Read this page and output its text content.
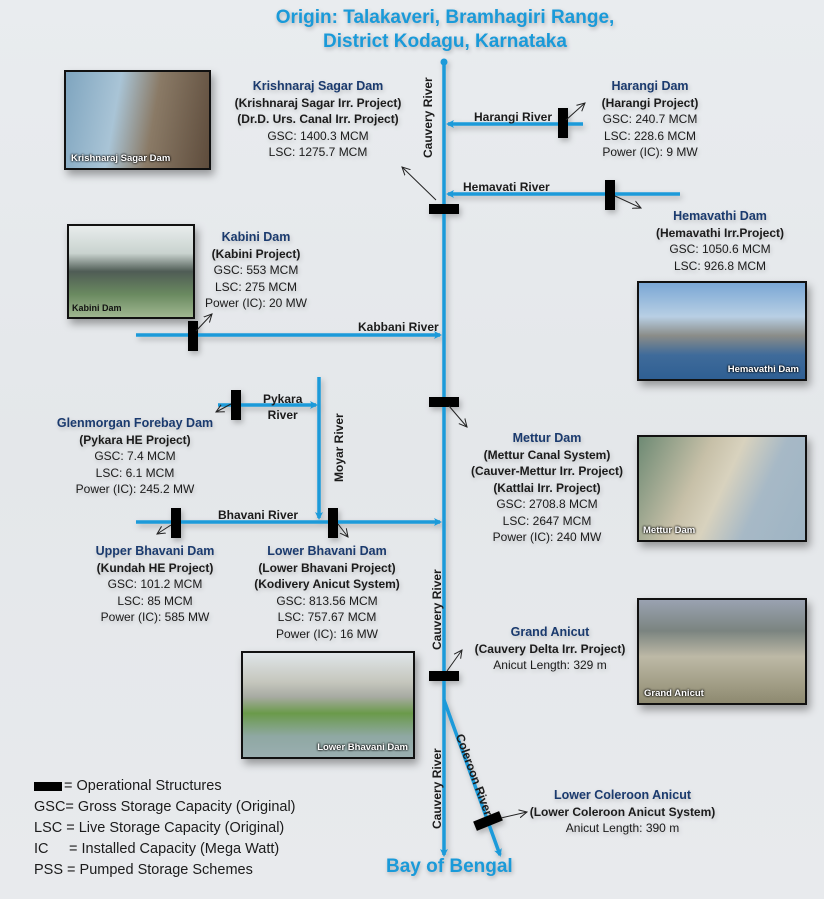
Origin: Talakaveri, Bramhagiri Range,
District Kodagu, Karnataka
Bay of Bengal
Cauvery River
Cauvery River
Cauvery River
Moyar River
Coleroon River
Harangi River
Hemavati River
Kabbani River
Pykara
River
Bhavani River
Krishnaraj Sagar Dam
Kabini Dam
Hemavathi Dam
Mettur Dam
Grand Anicut
Lower Bhavani Dam
Krishnaraj Sagar Dam
(Krishnaraj Sagar Irr. Project)
(Dr.D. Urs. Canal Irr. Project)
GSC: 1400.3 MCM
LSC: 1275.7 MCM
Harangi Dam
(Harangi Project)
GSC: 240.7 MCM
LSC: 228.6 MCM
Power (IC): 9 MW
Hemavathi Dam
(Hemavathi Irr.Project)
GSC: 1050.6 MCM
LSC: 926.8 MCM
Kabini Dam
(Kabini Project)
GSC: 553 MCM
LSC: 275 MCM
Power (IC): 20 MW
Glenmorgan Forebay Dam
(Pykara HE Project)
GSC: 7.4 MCM
LSC: 6.1 MCM
Power (IC): 245.2 MW
Mettur Dam
(Mettur Canal System)
(Cauver-Mettur Irr. Project)
(Kattlai Irr. Project)
GSC: 2708.8 MCM
LSC: 2647 MCM
Power (IC): 240 MW
Upper Bhavani Dam
(Kundah HE Project)
GSC: 101.2 MCM
LSC: 85 MCM
Power (IC): 585 MW
Lower Bhavani Dam
(Lower Bhavani Project)
(Kodivery Anicut System)
GSC: 813.56 MCM
LSC: 757.67 MCM
Power (IC): 16 MW	Grand Anicut
(Cauvery Delta Irr. Project)
Anicut Length: 329 m
Lower Coleroon Anicut
(Lower Coleroon Anicut System)
Anicut Length: 390 m
= Operational Structures
GSC= Gross Storage Capacity (Original)
LSC = Live Storage Capacity (Original)
IC = Installed Capacity (Mega Watt)
PSS = Pumped Storage Schemes
